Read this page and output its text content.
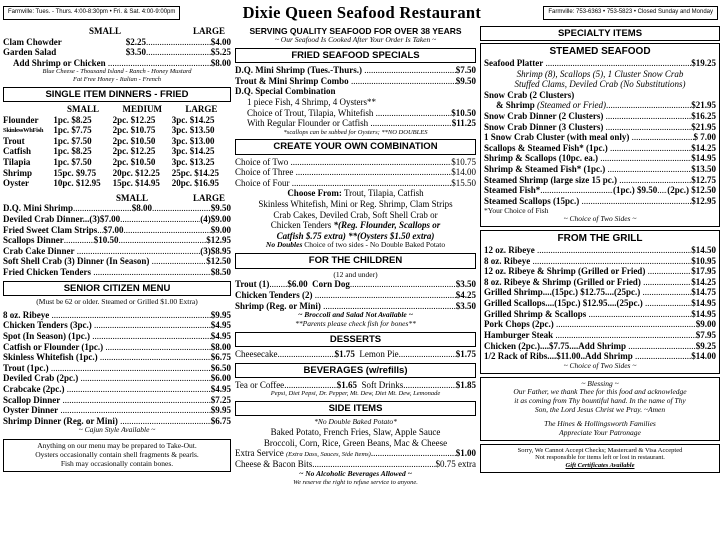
Farmville: Tues. - Thurs. 4:00-8:30pm • Fri. & Sat. 4:00-9:00pm	Dixie Queen Seafood Restaurant	Farmville: 753-6363 • 753-5823 • Closed Sunday and Monday
SMALL	LARGE
Clam Chowder	$2.25 .....	$4.00
Garden Salad	$3.50 .....	$5.25
Add Shrimp or Chicken .....	$8.00
Blue Cheese - Thousand Island - Ranch - Honey Mustard
Fat Free Honey - Italian - French
SINGLE ITEM DINNERS - FRIED
	SMALL	MEDIUM	LARGE
Flounder	1pc. $8.25	2pc. $12.25	3pc. $14.25
SkinlessWhFish	1pc. $7.75	2pc. $10.75	3pc. $13.50
Trout	1pc. $7.50	2pc. $10.50	3pc. $13.00
Catfish	1pc. $8.25	2pc. $12.25	3pc. $14.25
Tilapia	1pc. $7.50	2pc. $10.50	3pc. $13.25
Shrimp	15pc. $9.75	20pc. $12.25	25pc. $14.25
Oyster	10pc. $12.95	15pc. $14.95	20pc. $16.95
SMALL	LARGE
D.Q. Mini Shrimp .....	$8.00 .....	$9.50
Deviled Crab Dinner...(3) $7.00 .....	(4)$9.00
Fried Sweet Clam Strips ..... $7.00 .....	$9.00
Scallops Dinner .....	$10.50 .....	$12.95
Crab Cake Dinner .....	(3)$8.95
Soft Shell Crab (3) Dinner (In Season) .....	$12.50
Fried Chicken Tenders .....	$8.50
SENIOR CITIZEN MENU
(Must be 62 or older. Steamed or Grilled $1.00 Extra)
8 oz. Ribeye .....	$9.95
Chicken Tenders (3pc.) .....	$4.95
Spot (In Season) (1pc.) .....	$4.95
Catfish or Flounder (1pc.) .....	$8.00
Skinless Whitefish (1pc.) .....	$6.75
Trout (1pc.) .....	$6.50
Deviled Crab (2pc.) .....	$6.00
Crabcake (2pc.) .....	$4.95
Scallop Dinner .....	$7.25
Oyster Dinner .....	$9.95
Shrimp Dinner (Reg. or Mini) .....	$6.75
~ Cajun Style Available ~
Anything on our menu may be prepared to Take-Out.
Oysters occasionally contain shell fragments & pearls.
Fish may occasionally contain bones.
SERVING QUALITY SEAFOOD FOR OVER 38 YEARS
~ Our Seafood Is Cooked After Your Order Is Taken ~
FRIED SEAFOOD SPECIALS
D.Q. Mini Shrimp (Tues.-Thurs.) .....	$7.50
Trout & Mini Shrimp Combo .....	$9.50
D.Q. Special Combination
1 piece Fish, 4 Shrimp, 4 Oysters**
Choice of Trout, Tilapia, Whitefish .....	$10.50
With Regular Flounder or Catfish .....	$11.25
*scallops can be subbed for Oysters; **NO DOUBLES
CREATE YOUR OWN COMBINATION
Choice of Two .....	$10.75
Choice of Three .....	$14.00
Choice of Four .....	$15.50
Choose From: Trout, Tilapia, Catfish
Skinless Whitefish, Mini or Reg. Shrimp, Clam Strips
Crab Cakes, Deviled Crab, Soft Shell Crab or
Chicken Tenders *(Reg. Flounder, Scallops or
Catfish $.75 extra) **(Oysters $1.50 extra)
No Doubles Choice of two sides - No Double Baked Potato
FOR THE CHILDREN
(12 and under)
Trout (1) ..... $6.00
Corn Dog .....	$3.50
Chicken Tenders (2) .....	$4.25
Shrimp (Reg. or Mini) .....	$3.50
~ Broccoli and Salad Not Available ~
**Parents please check fish for bones**
DESSERTS
Cheesecake .....	$1.75
Lemon Pie .....	$1.75
BEVERAGES (w/refills)
Tea or Coffee .....	$1.65
Soft Drinks .....	$1.85
Pepsi, Diet Pepsi, Dr. Pepper, Mt. Dew, Diet Mt. Dew, Lemonade
SIDE ITEMS
*No Double Baked Potato*
Baked Potato, French Fries, Slaw, Apple Sauce
Broccoli, Corn, Rice, Green Beans, Mac & Cheese
Extra Service
(Extra Dass, Sauces, Side Items) .....	$1.00
Cheese & Bacon Bits .....	$0.75 extra
~ No Alcoholic Beverages Allowed ~
We reserve the right to refuse service to anyone.
SPECIALTY ITEMS
STEAMED SEAFOOD
Seafood Platter .....	$19.25
Shrimp (8), Scallops (5), 1 Cluster Snow Crab
Stuffed Clams, Deviled Crab (No Substitutions)
Snow Crab (2 Clusters)
& Shrimp
(Steamed or Fried) .....	$21.95
Snow Crab Dinner (2 Clusters) .....	$16.25
Snow Crab Dinner (3 Clusters) .....	$21.95
1 Snow Crab Cluster (with meal only) .....	$ 7.00
Scallops & Steamed Fish* (1pc.) .....	$14.25
Shrimp & Scallops (10pc. ea.) .....	$14.95
Shrimp & Steamed Fish* (1pc.) .....	$13.50
Steamed Shrimp (large size 15 pc.) .....	$12.75
Steamed Fish* .....	(1pc.) $9.50 ..... (2pc.) $12.50
Steamed Scallops (15pc.) .....	$12.95
*Your Choice of Fish
~ Choice of Two Sides ~
FROM THE GRILL
12 oz. Ribeye .....	$14.50
8 oz. Ribeye .....	$10.95
12 oz. Ribeye & Shrimp (Grilled or Fried) .....	$17.95
8 oz. Ribeye & Shrimp (Grilled or Fried) .....	$14.25
Grilled Shrimp....(15pc.) $12.75....(25pc.) .....	$14.75
Grilled Scallops....(15pc.) $12.95....(25pc.) .....	$14.95
Grilled Shrimp & Scallops .....	$14.95
Pork Chops (2pc.) .....	$9.00
Hamburger Steak .....	$7.95
Chicken (2pc.)....$7.75....Add Shrimp .....	$9.25
1/2 Rack of Ribs....$11.00..Add Shrimp .....	$14.00
~ Choice of Two Sides ~
~ Blessing ~
Our Father, we thank Thee for this food and acknowledge
it as coming from Thy bountiful hand. In the name of Thy
Son, the Lord Jesus Christ we Pray. ~Amen
The Hines & Hollingsworth Families
Appreciate Your Patronage
Sorry, We Cannot Accept Checks; Mastercard & Visa Accepted
Not responsible for items left or lost in restaurant.
Gift Certificates Available
